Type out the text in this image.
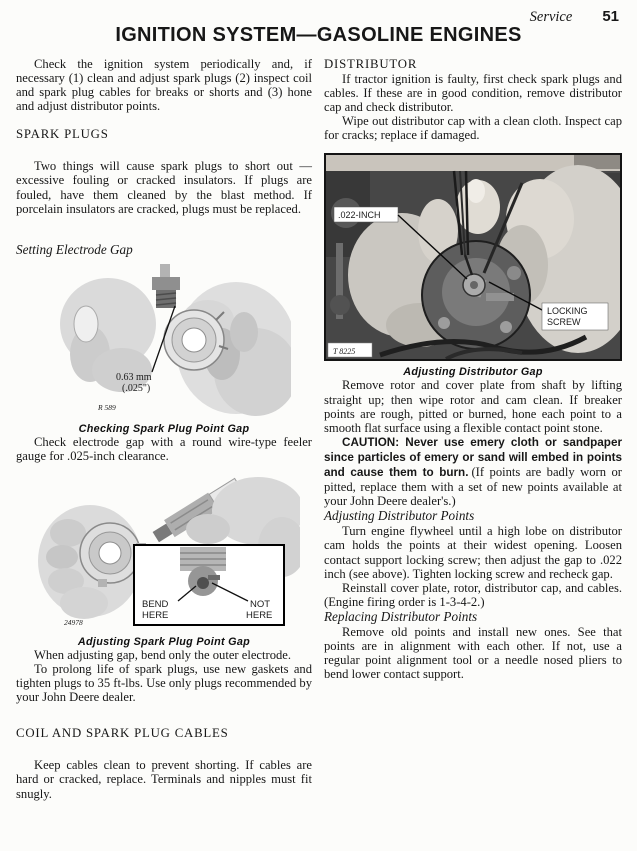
Service 51
IGNITION SYSTEM—GASOLINE ENGINES

Check the ignition system periodically and, if necessary (1) clean and adjust spark plugs (2) inspect coil and spark plug cables for breaks or shorts and (3) hone and adjust distributor points.

SPARK PLUGS

Two things will cause spark plugs to short out — excessive fouling or cracked insulators. If plugs are fouled, have them cleaned by the blast method. If porcelain insulators are cracked, plugs must be replaced.

Setting Electrode Gap
0.63 mm
(.025")
R 589
Checking Spark Plug Point Gap

Check electrode gap with a round wire-type feeler gauge for .025-inch clearance.

BEND
HERE
NOT
HERE
24978
Adjusting Spark Plug Point Gap

When adjusting gap, bend only the outer electrode.

To prolong life of spark plugs, use new gaskets and tighten plugs to 35 ft-lbs. Use only plugs recommended by your John Deere dealer.

COIL AND SPARK PLUG CABLES

Keep cables clean to prevent shorting. If cables are hard or cracked, replace. Terminals and nipples must fit snugly.

DISTRIBUTOR

If tractor ignition is faulty, first check spark plugs and cables. If these are in good condition, remove distributor cap and check distributor.

Wipe out distributor cap with a clean cloth. Inspect cap for cracks; replace if damaged.

.022-INCH
LOCKING
SCREW
T 8225
Adjusting Distributor Gap

Remove rotor and cover plate from shaft by lifting straight up; then wipe rotor and cam clean. If breaker points are rough, pitted or burned, hone each point to a smooth flat surface using a flexible contact point stone.

CAUTION: Never use emery cloth or sandpaper since particles of emery or sand will embed in points and cause them to burn. (If points are badly worn or pitted, replace them with a set of new points available at your John Deere dealer's.)

Adjusting Distributor Points

Turn engine flywheel until a high lobe on distributor cam holds the points at their widest opening. Loosen contact support locking screw; then adjust the gap to .022 inch (see above). Tighten locking screw and recheck gap.

Reinstall cover plate, rotor, distributor cap, and cables. (Engine firing order is 1-3-4-2.)

Replacing Distributor Points

Remove old points and install new ones. See that points are in alignment with each other. If not, use a regular point alignment tool or a needle nosed pliers to bend lower contact support.
